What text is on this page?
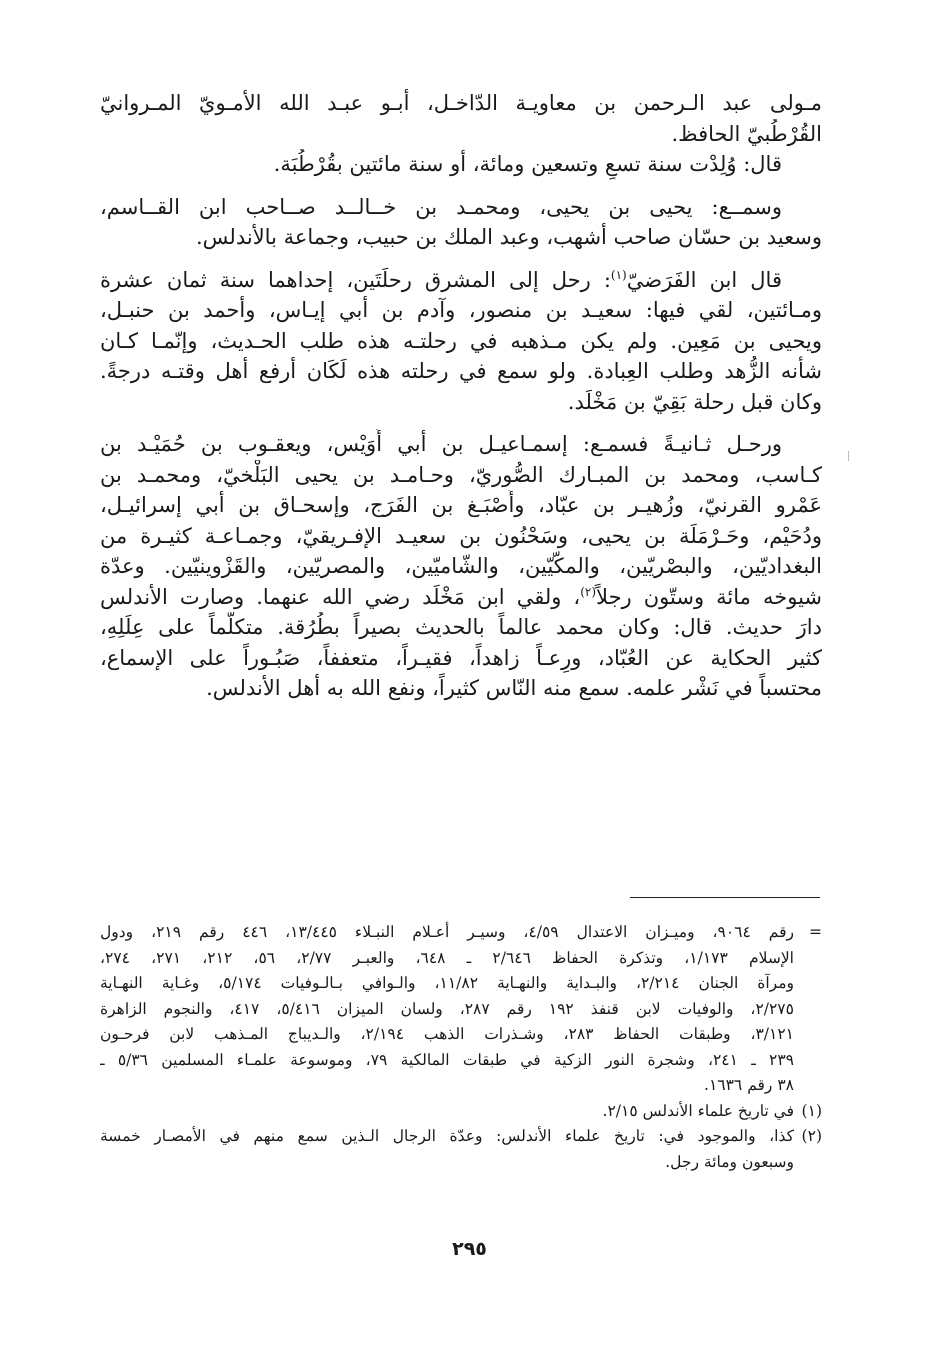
مـولى عبد الـرحمن بن معاويـة الدّاخـل، أبـو عبـد الله الأمـويّ المـروانيّ
القُرْطُبيّ الحافظ.
قال: وُلِدْت سنة تسعٍ وتسعين ومائة، أو سنة مائتين بقُرْطُبَة.
وسمــع: يحيى بن يحيى، ومحمـد بن خــالــد صــاحب ابن القــاسم،
وسعيد بن حسّان صاحب أشهب، وعبد الملك بن حبيب، وجماعة بالأندلس.
قال ابن الفَرَضيّ$^{(١)}$: رحل إلى المشرق رحلَتَين، إحداهما سنة ثمان عشرة
ومـائتين، لقي فيها: سعيـد بن منصور، وآدم بن أبي إيـاس، وأحمد بن حنبـل،
ويحيى بن مَعِين. ولم يكن مـذهبه في رحلتـه هذه طلب الحـديث، وإنّمـا كـان
شأنه الزُّهد وطلب العِبادة. ولو سمع في رحلته هذه لَكَان أرفع أهل وقتـه درجةً.
وكان قبل رحلة بَقِيّ بن مَخْلَد.
ورحـل ثـانيـةً فسمـع: إسمـاعيـل بن أبي أُوَيْس، ويعقـوب بن حُمَيْـد بن
كـاسب، ومحمد بن المبـارك الصُّوريّ، وحـامـد بن يحيى البَلْخيّ، ومحمـد بن
عَمْرو القرنيّ، وزُهيـر بن عبّاد، وأَصْبَـغ بن الفَرَج، وإسحـاق بن أبي إسرائيـل،
ودُحَيْم، وحَـرْمَلَة بن يحيى، وسَحْنُون بن سعيـد الإفـريقيّ، وجمـاعـة كثيـرة من
البغداديّين، والبصْريّين، والمكّيّين، والشّاميّين، والمصريّين، والقَزْوينيّين. وعدّة
شيوخه مائة وستّون رجلاً$^{(٢)}$، ولقي ابن مَخْلَد رضي الله عنهما. وصارت الأندلس
دارَ حديث. قال: وكان محمد عالماً بالحديث بصيراً بطُرُقة. متكلّماً على عِلَلِهِ،
كثير الحكاية عن العُبّاد، ورِعـاً زاهداً، فقيـراً، متعففاً، صَبُـوراً على الإسماع،
محتسباً في نَشْر علمه. سمع منه النّاس كثيراً، ونفع الله به أهل الأندلس.
=
رقم ٩٠٦٤، وميـزان الاعتدال ٤/٥٩، وسيـر أعـلام النبـلاء ١٣/٤٤٥، ٤٤٦ رقم ٢١٩، ودول
الإسلام ١/١٧٣، وتذكرة الحفاظ ٢/٦٤٦ ـ ٦٤٨، والعبـر ٢/٧٧، ٥٦، ٢١٢، ٢٧١، ٢٧٤،
ومرآة الجنان ٢/٢١٤، والبـداية والنهـاية ١١/٨٢، والـوافي بـالـوفيات ٥/١٧٤، وغـاية النهـاية
٢/٢٧٥، والوفيات لابن قنفذ ١٩٢ رقم ٢٨٧، ولسان الميزان ٥/٤١٦، ٤١٧، والنجوم الزاهرة
٣/١٢١، وطبقات الحفاظ ٢٨٣، وشـذرات الذهب ٢/١٩٤، والـديباج المـذهب لابن فرحـون
٢٣٩ ـ ٢٤١، وشجرة النور الزكية في طبقات المالكية ٧٩، وموسوعة علمـاء المسلمين ٥/٣٦ ـ
٣٨ رقم ١٦٣٦.
(١)
في تاريخ علماء الأندلس ٢/١٥.
(٢)
كذا، والموجود في: تاريخ علماء الأندلس: وعدّة الرجال الـذين سمع منهم في الأمصـار خمسة
وسبعون ومائة رجل.
٢٩٥
